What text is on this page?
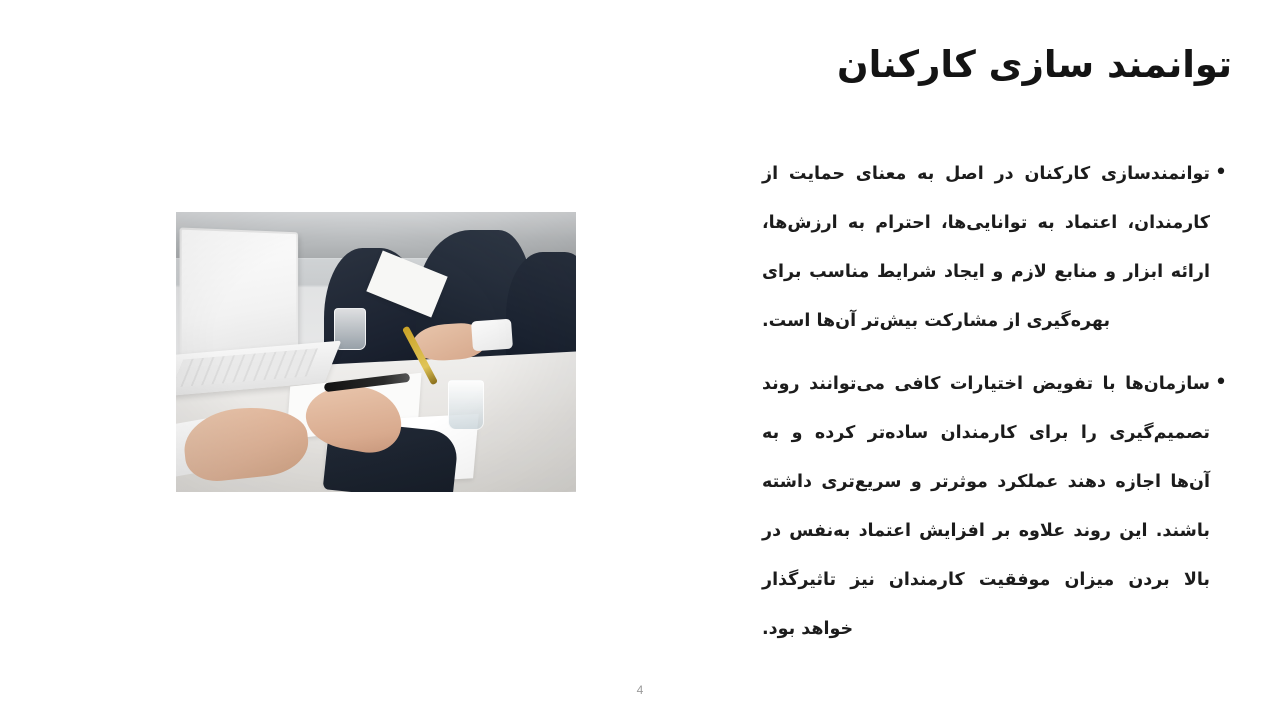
توانمند سازی کارکنان
•
توانمندسازی کارکنان در اصل به معنای حمایت از کارمندان، اعتماد به توانایی‌ها، احترام به ارزش‌ها، ارائه ابزار و منابع لازم و ایجاد شرایط مناسب برای بهره‌گیری از مشارکت بیش‌تر آن‌ها است.
•
سازمان‌ها با تفویض اختیارات کافی می‌توانند روند تصمیم‌گیری را برای کارمندان ساده‌تر کرده و به آن‌ها اجازه دهند عملکرد موثرتر و سریع‌تری داشته باشند. این روند علاوه بر افزایش اعتماد به‌نفس در بالا بردن میزان موفقیت کارمندان نیز تاثیرگذار خواهد بود.
4
